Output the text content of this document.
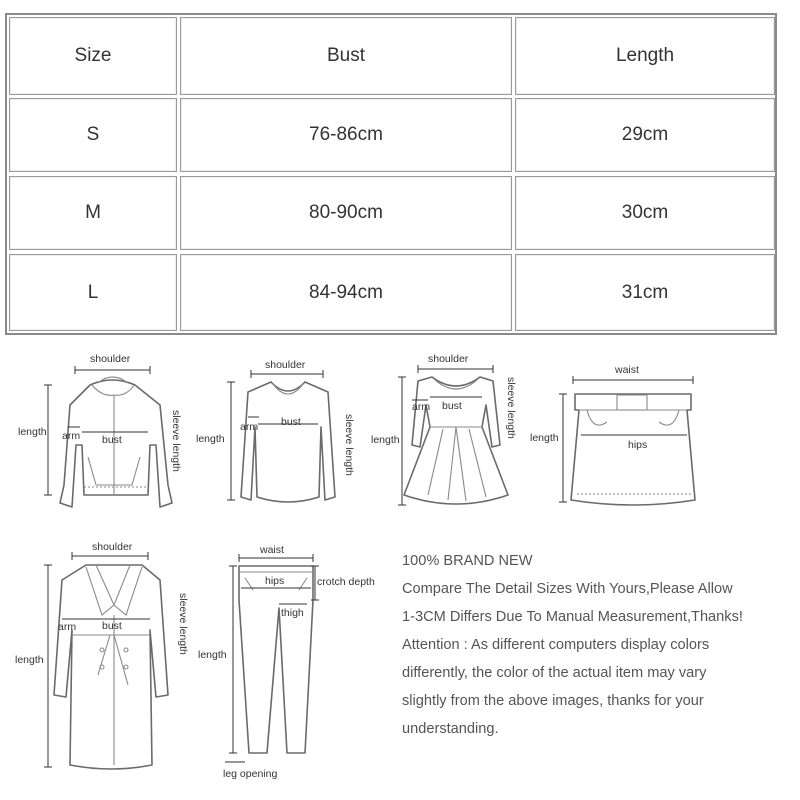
Size	Bust	Length
S	76-86cm	29cm
M	80-90cm	30cm
L	84-94cm	31cm
shoulder
length arm bust	sleeve length
shoulder
length
arm bust	sleeve length
shoulder
length
arm bust	sleeve length
waist
length
hips
shoulder
length
arm bust	sleeve length
waist
hips	crotch depth
thigh
length
leg opening

100% BRAND NEW

Compare The Detail Sizes With Yours,Please Allow

1-3CM Differs Due To Manual Measurement,Thanks!

Attention : As different computers display colors

differently, the color of the actual item may vary

slightly from the above images, thanks for your

understanding.
